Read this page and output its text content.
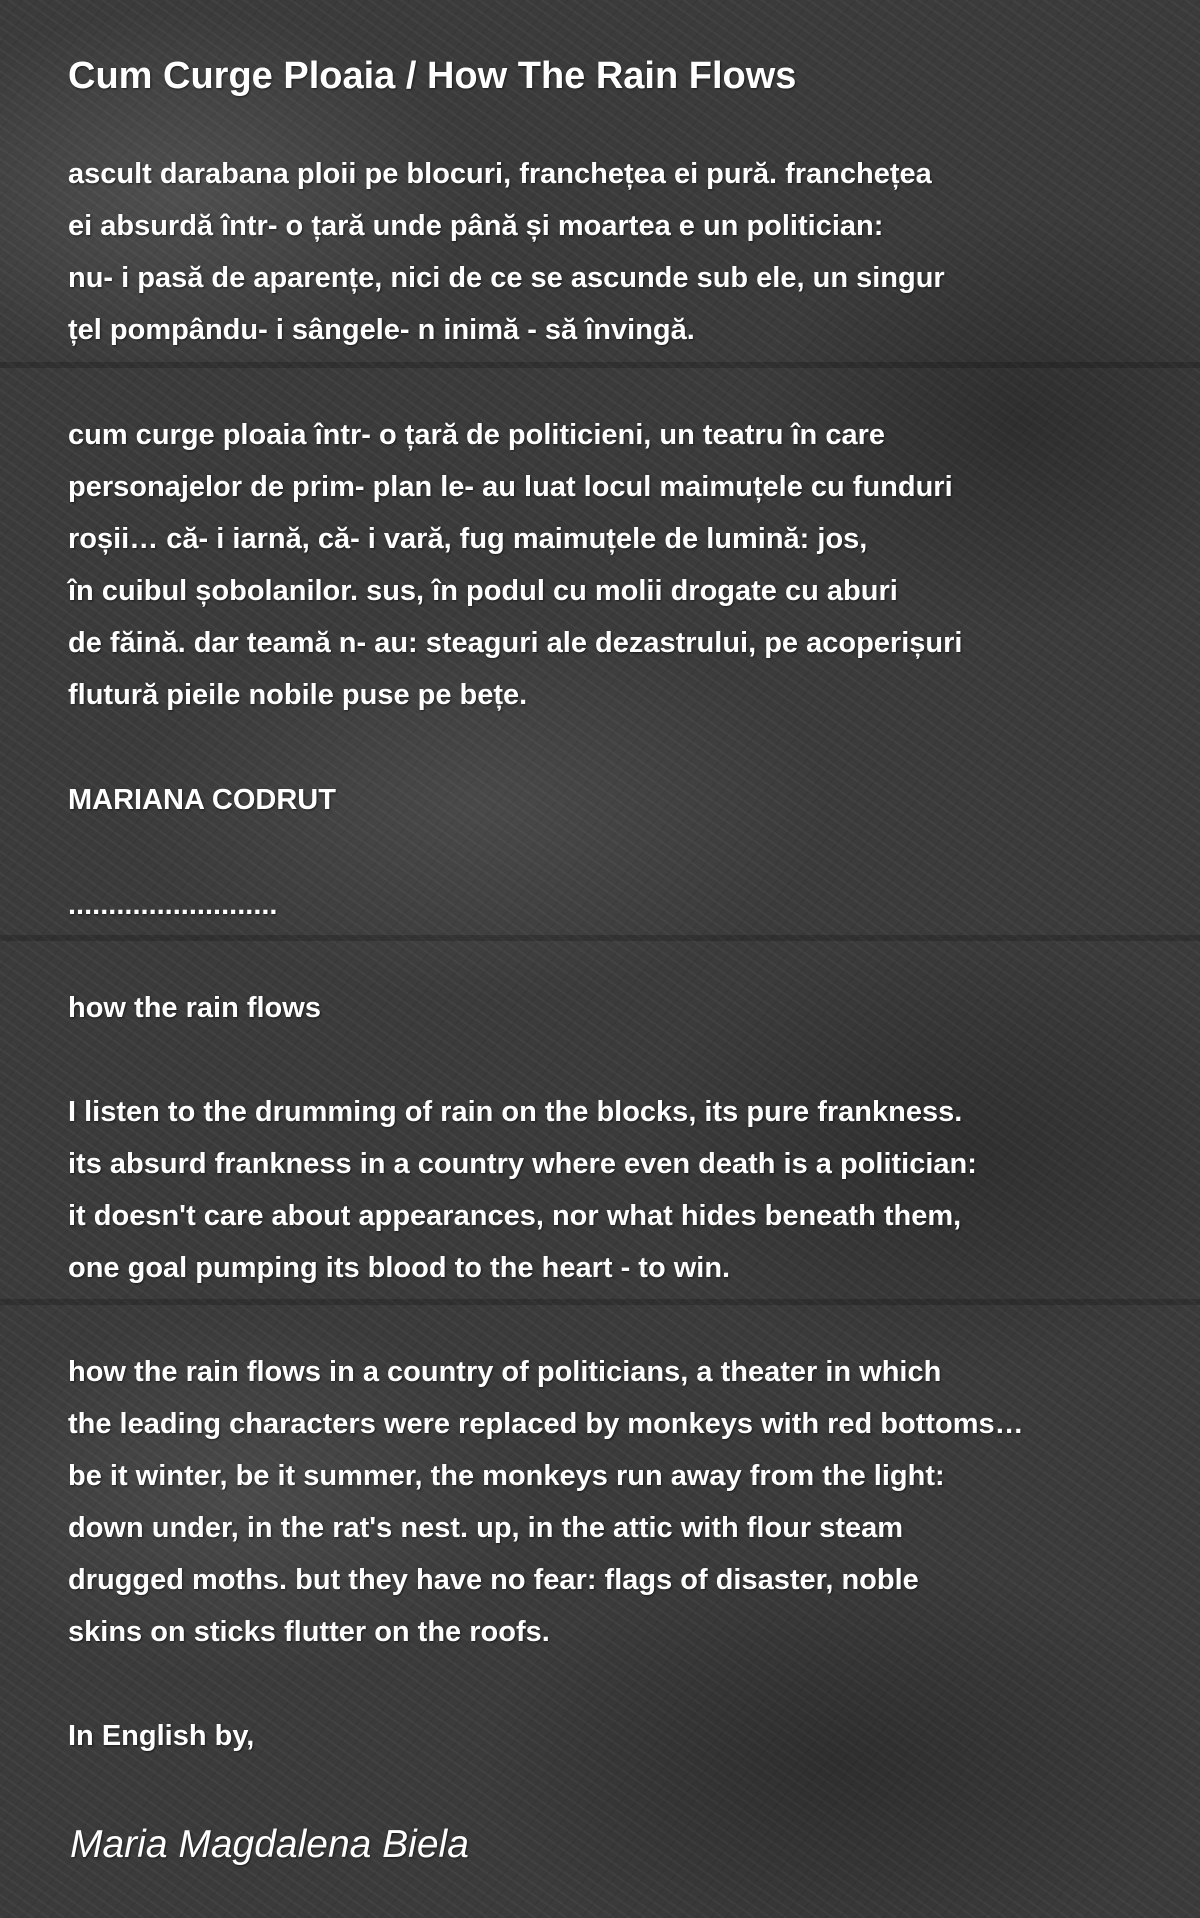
Cum Curge Ploaia / How The Rain Flows
ascult darabana ploii pe blocuri, franchețea ei pură. franchețea
ei absurdă într- o țară unde până și moartea e un politician:
nu- i pasă de aparențe, nici de ce se ascunde sub ele, un singur
țel pompându- i sângele- n inimă - să învingă.
cum curge ploaia într- o țară de politicieni, un teatru în care
personajelor de prim- plan le- au luat locul maimuțele cu funduri
roșii… că- i iarnă, că- i vară, fug maimuțele de lumină: jos,
în cuibul șobolanilor. sus, în podul cu molii drogate cu aburi
de făină. dar teamă n- au: steaguri ale dezastrului, pe acoperișuri
flutură pieile nobile puse pe bețe.
MARIANA CODRUT
..........................
how the rain flows
I listen to the drumming of rain on the blocks, its pure frankness.
its absurd frankness in a country where even death is a politician:
it doesn't care about appearances, nor what hides beneath them,
one goal pumping its blood to the heart - to win.
how the rain flows in a country of politicians, a theater in which
the leading characters were replaced by monkeys with red bottoms…
be it winter, be it summer, the monkeys run away from the light:
down under, in the rat's nest. up, in the attic with flour steam
drugged moths. but they have no fear: flags of disaster, noble
skins on sticks flutter on the roofs.
In English by,
Maria Magdalena Biela
